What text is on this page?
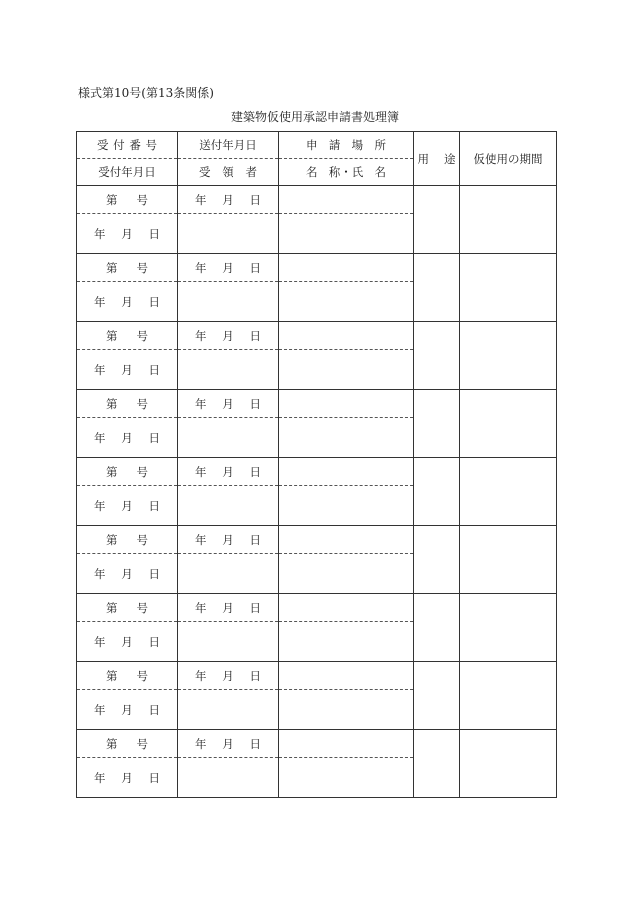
様式第10号(第13条関係)
建築物仮使用承認申請書処理簿
受 付 番 号	送付年月日	申 請 場 所	用 途	仮使用の期間
受付年月日	受 領 者	名 称・氏 名		

第 号	年 月 日			

年 月 日				

第 号	年 月 日			

年 月 日				

第 号	年 月 日			

年 月 日				

第 号	年 月 日			

年 月 日				

第 号	年 月 日			

年 月 日				

第 号	年 月 日			

年 月 日				

第 号	年 月 日			

年 月 日				

第 号	年 月 日			

年 月 日				

第 号	年 月 日			

年 月 日				
